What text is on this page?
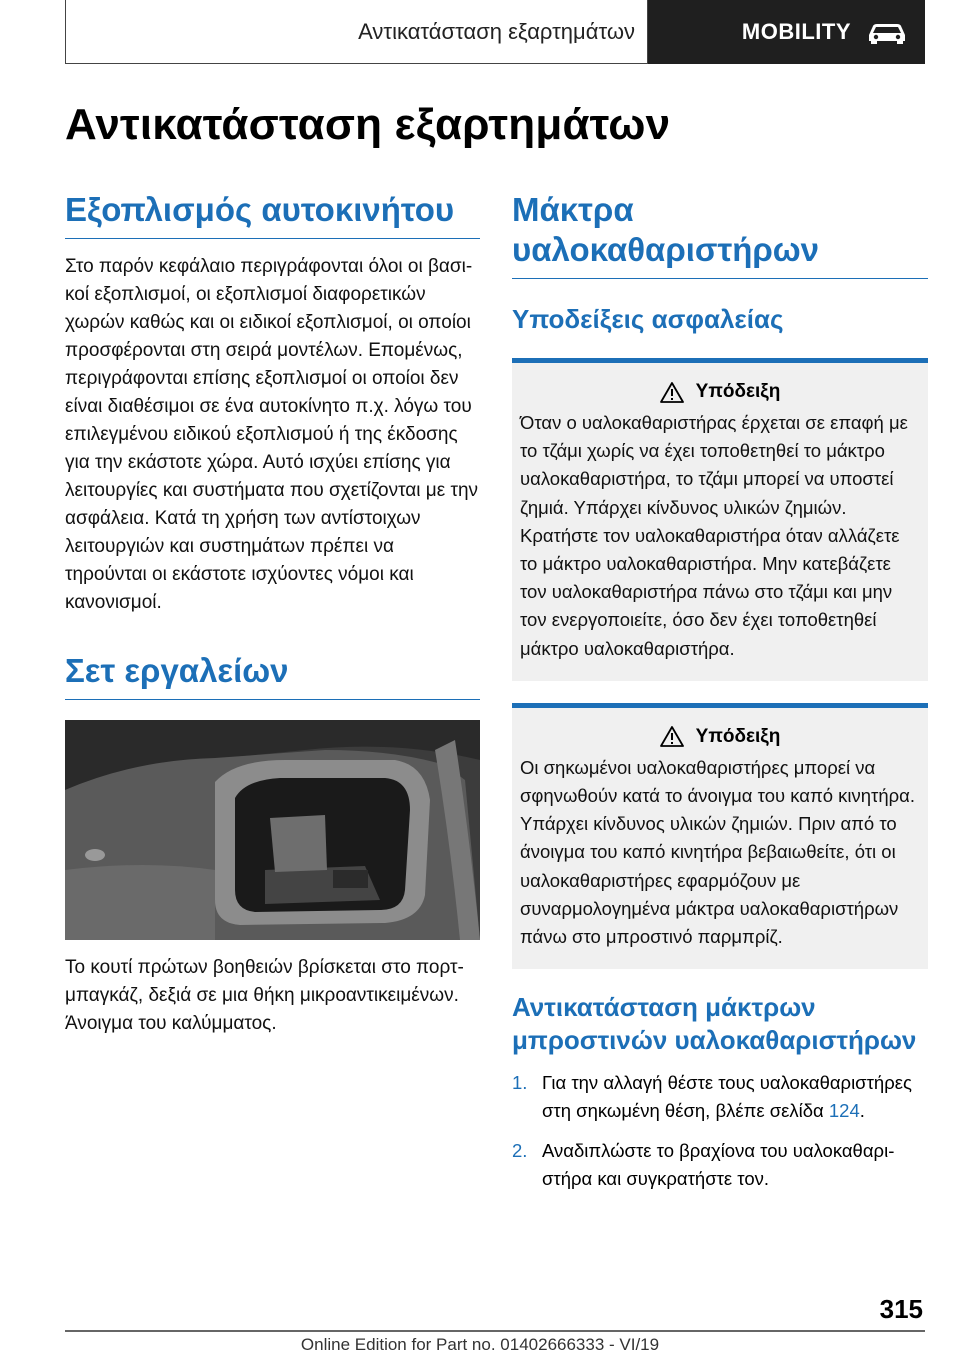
Αντικατάσταση εξαρτημάτων	MOBILITY
Αντικατάσταση εξαρτημάτων
Εξοπλισμός αυτοκινήτου

Στο παρόν κεφάλαιο περιγράφονται όλοι οι βασικοί εξοπλισμοί, οι εξοπλισμοί διαφορετικών χωρών καθώς και οι ειδικοί εξοπλισμοί, οι οποίοι προσφέρονται στη σειρά μοντέλων. Επομένως, περιγράφονται επίσης εξοπλισμοί οι οποίοι δεν είναι διαθέσιμοι σε ένα αυτοκίνητο π.χ. λόγω του επιλεγμένου ειδικού εξοπλισμού ή της έκδοσης για την εκάστοτε χώρα. Αυτό ισχύει επίσης για λειτουργίες και συστήματα που σχετίζονται με την ασφάλεια. Κατά τη χρήση των αντίστοιχων λειτουργιών και συστημάτων πρέπει να τηρούνται οι εκάστοτε ισχύοντες νόμοι και κανονισμοί.

Σετ εργαλείων

Το κουτί πρώτων βοηθειών βρίσκεται στο πορτμπαγκάζ, δεξιά σε μια θήκη μικροαντικειμένων. Άνοιγμα του καλύμματος.

Μάκτρα υαλοκαθαριστήρων
Υποδείξεις ασφαλείας
Υπόδειξη

Όταν ο υαλοκαθαριστήρας έρχεται σε επαφή με το τζάμι χωρίς να έχει τοποθετηθεί το μάκτρο υαλοκαθαριστήρα, το τζάμι μπορεί να υποστεί ζημιά. Υπάρχει κίνδυνος υλικών ζημιών. Κρατήστε τον υαλοκαθαριστήρα όταν αλλάζετε το μάκτρο υαλοκαθαριστήρα. Μην κατεβάζετε τον υαλοκαθαριστήρα πάνω στο τζάμι και μην τον ενεργοποιείτε, όσο δεν έχει τοποθετηθεί μάκτρο υαλοκαθαριστήρα.

Υπόδειξη

Οι σηκωμένοι υαλοκαθαριστήρες μπορεί να σφηνωθούν κατά το άνοιγμα του καπό κινητήρα. Υπάρχει κίνδυνος υλικών ζημιών. Πριν από το άνοιγμα του καπό κινητήρα βεβαιωθείτε, ότι οι υαλοκαθαριστήρες εφαρμόζουν με συναρμολογημένα μάκτρα υαλοκαθαριστήρων πάνω στο μπροστινό παρμπρίζ.

Αντικατάσταση μάκτρων μπροστινών υαλοκαθαριστήρων
1. Για την αλλαγή θέστε τους υαλοκαθαριστήρες στη σηκωμένη θέση, βλέπε σελίδα 124.
2. Αναδιπλώστε το βραχίονα του υαλοκαθαριστήρα και συγκρατήστε τον.
315
Online Edition for Part no. 01402666333 - VI/19
